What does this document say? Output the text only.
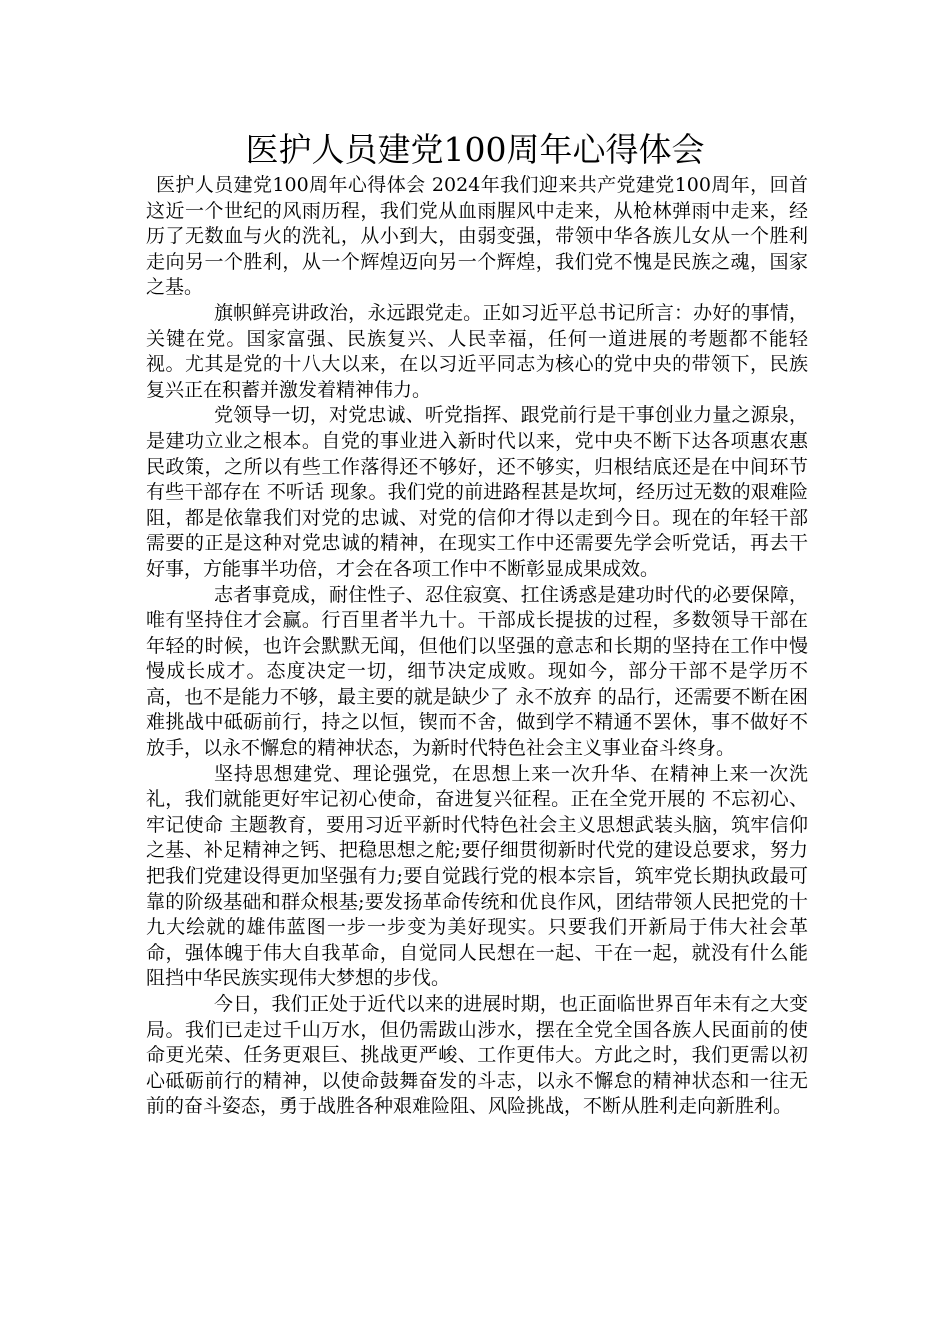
医护人员建党100周年心得体会

医护人员建党100周年心得体会 2024年我们迎来共产党建党100周年，回首这近一个世纪的风雨历程，我们党从血雨腥风中走来，从枪林弹雨中走来，经历了无数血与火的洗礼，从小到大，由弱变强，带领中华各族儿女从一个胜利走向另一个胜利，从一个辉煌迈向另一个辉煌，我们党不愧是民族之魂，国家之基。

旗帜鲜亮讲政治，永远跟党走。正如习近平总书记所言：办好的事情，关键在党。国家富强、民族复兴、人民幸福，任何一道进展的考题都不能轻视。尤其是党的十八大以来，在以习近平同志为核心的党中央的带领下，民族复兴正在积蓄并激发着精神伟力。

党领导一切，对党忠诚、听党指挥、跟党前行是干事创业力量之源泉，是建功立业之根本。自党的事业进入新时代以来，党中央不断下达各项惠农惠民政策，之所以有些工作落得还不够好，还不够实，归根结底还是在中间环节有些干部存在 不听话 现象。我们党的前进路程甚是坎坷，经历过无数的艰难险阻，都是依靠我们对党的忠诚、对党的信仰才得以走到今日。现在的年轻干部需要的正是这种对党忠诚的精神，在现实工作中还需要先学会听党话，再去干好事，方能事半功倍，才会在各项工作中不断彰显成果成效。

志者事竟成，耐住性子、忍住寂寞、扛住诱惑是建功时代的必要保障，唯有坚持住才会赢。行百里者半九十。干部成长提拔的过程，多数领导干部在年轻的时候，也许会默默无闻，但他们以坚强的意志和长期的坚持在工作中慢慢成长成才。态度决定一切，细节决定成败。现如今，部分干部不是学历不高，也不是能力不够，最主要的就是缺少了 永不放弃 的品行，还需要不断在困难挑战中砥砺前行，持之以恒，锲而不舍，做到学不精通不罢休，事不做好不放手，以永不懈怠的精神状态，为新时代特色社会主义事业奋斗终身。

坚持思想建党、理论强党，在思想上来一次升华、在精神上来一次洗礼，我们就能更好牢记初心使命，奋进复兴征程。正在全党开展的 不忘初心、牢记使命 主题教育，要用习近平新时代特色社会主义思想武装头脑，筑牢信仰之基、补足精神之钙、把稳思想之舵;要仔细贯彻新时代党的建设总要求，努力把我们党建设得更加坚强有力;要自觉践行党的根本宗旨，筑牢党长期执政最可靠的阶级基础和群众根基;要发扬革命传统和优良作风，团结带领人民把党的十九大绘就的雄伟蓝图一步一步变为美好现实。只要我们开新局于伟大社会革命，强体魄于伟大自我革命，自觉同人民想在一起、干在一起，就没有什么能阻挡中华民族实现伟大梦想的步伐。

今日，我们正处于近代以来的进展时期，也正面临世界百年未有之大变局。我们已走过千山万水，但仍需跋山涉水，摆在全党全国各族人民面前的使命更光荣、任务更艰巨、挑战更严峻、工作更伟大。方此之时，我们更需以初心砥砺前行的精神，以使命鼓舞奋发的斗志，以永不懈怠的精神状态和一往无前的奋斗姿态，勇于战胜各种艰难险阻、风险挑战，不断从胜利走向新胜利。
